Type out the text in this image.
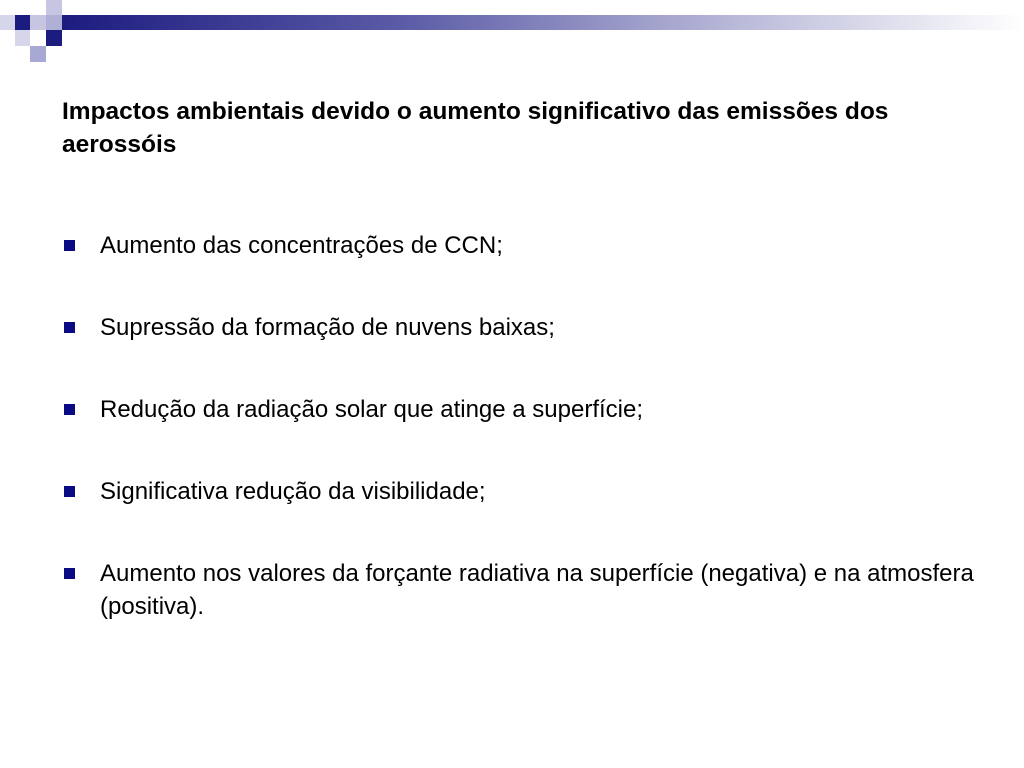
Impactos ambientais devido o aumento significativo das emissões dos aerossóis
Aumento das concentrações de CCN;
Supressão da formação de nuvens baixas;
Redução da radiação solar que atinge a superfície;
Significativa redução da visibilidade;
Aumento nos valores da forçante radiativa na superfície (negativa) e na atmosfera (positiva).
